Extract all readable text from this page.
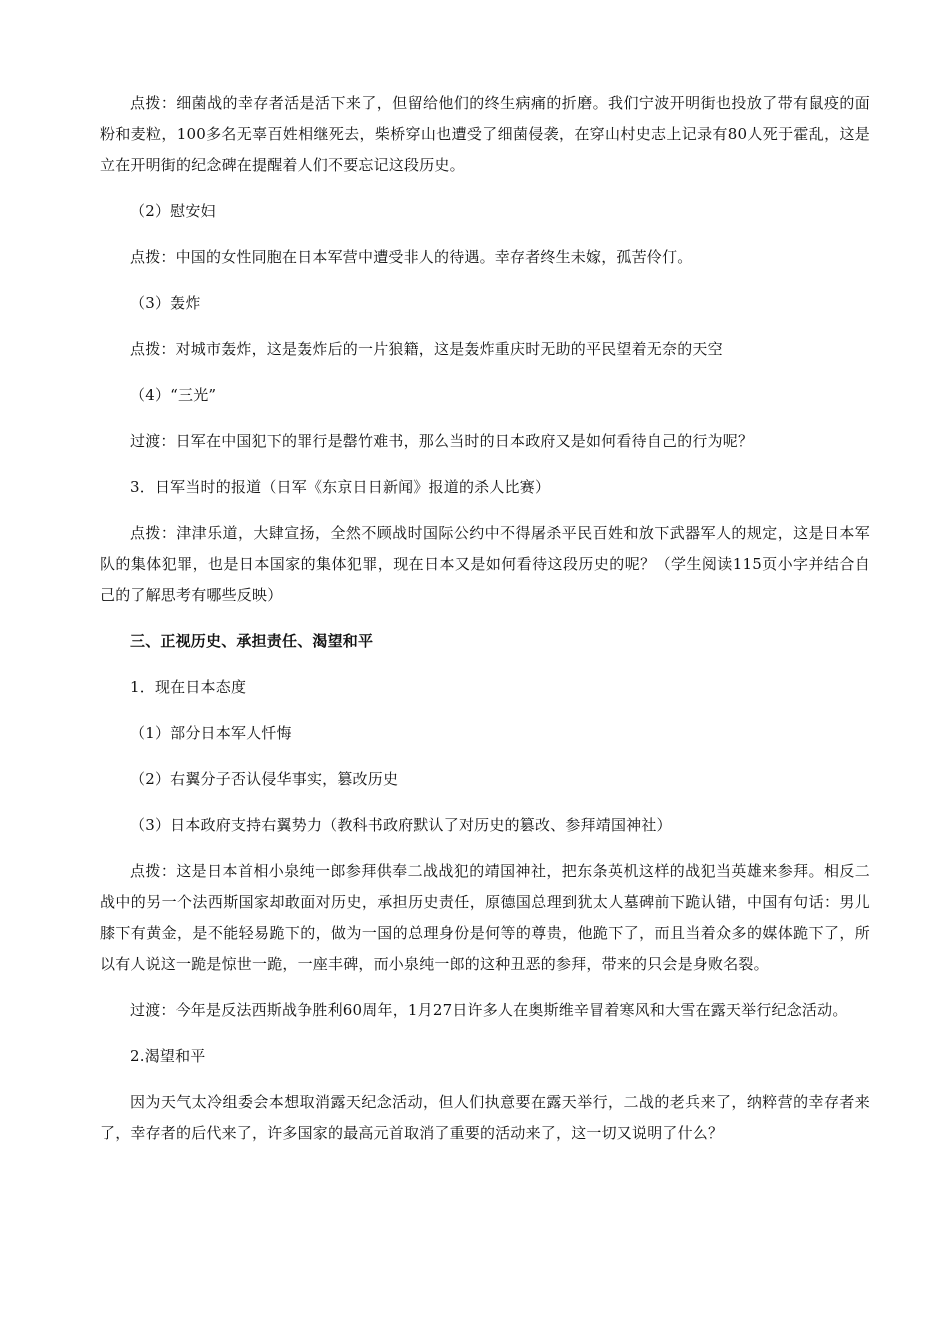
点拨：细菌战的幸存者活是活下来了，但留给他们的终生病痛的折磨。我们宁波开明街也投放了带有鼠疫的面粉和麦粒，100多名无辜百姓相继死去，柴桥穿山也遭受了细菌侵袭，在穿山村史志上记录有80人死于霍乱，这是立在开明街的纪念碑在提醒着人们不要忘记这段历史。

（2）慰安妇

点拨：中国的女性同胞在日本军营中遭受非人的待遇。幸存者终生未嫁，孤苦伶仃。

（3）轰炸

点拨：对城市轰炸，这是轰炸后的一片狼籍，这是轰炸重庆时无助的平民望着无奈的天空

（4）“三光”

过渡：日军在中国犯下的罪行是罄竹难书，那么当时的日本政府又是如何看待自己的行为呢？

3．日军当时的报道（日军《东京日日新闻》报道的杀人比赛）

点拨：津津乐道，大肆宣扬，全然不顾战时国际公约中不得屠杀平民百姓和放下武器军人的规定，这是日本军队的集体犯罪，也是日本国家的集体犯罪，现在日本又是如何看待这段历史的呢？（学生阅读115页小字并结合自己的了解思考有哪些反映）

三、正视历史、承担责任、渴望和平

1．现在日本态度

（1）部分日本军人忏悔

（2）右翼分子否认侵华事实，篡改历史

（3）日本政府支持右翼势力（教科书政府默认了对历史的篡改、参拜靖国神社）

点拨：这是日本首相小泉纯一郎参拜供奉二战战犯的靖国神社，把东条英机这样的战犯当英雄来参拜。相反二战中的另一个法西斯国家却敢面对历史，承担历史责任，原德国总理到犹太人墓碑前下跪认错，中国有句话：男儿膝下有黄金，是不能轻易跪下的，做为一国的总理身份是何等的尊贵，他跪下了，而且当着众多的媒体跪下了，所以有人说这一跪是惊世一跪，一座丰碑，而小泉纯一郎的这种丑恶的参拜，带来的只会是身败名裂。

过渡：今年是反法西斯战争胜利60周年，1月27日许多人在奥斯维辛冒着寒风和大雪在露天举行纪念活动。

2.渴望和平

因为天气太冷组委会本想取消露天纪念活动，但人们执意要在露天举行，二战的老兵来了，纳粹营的幸存者来了，幸存者的后代来了，许多国家的最高元首取消了重要的活动来了，这一切又说明了什么？
